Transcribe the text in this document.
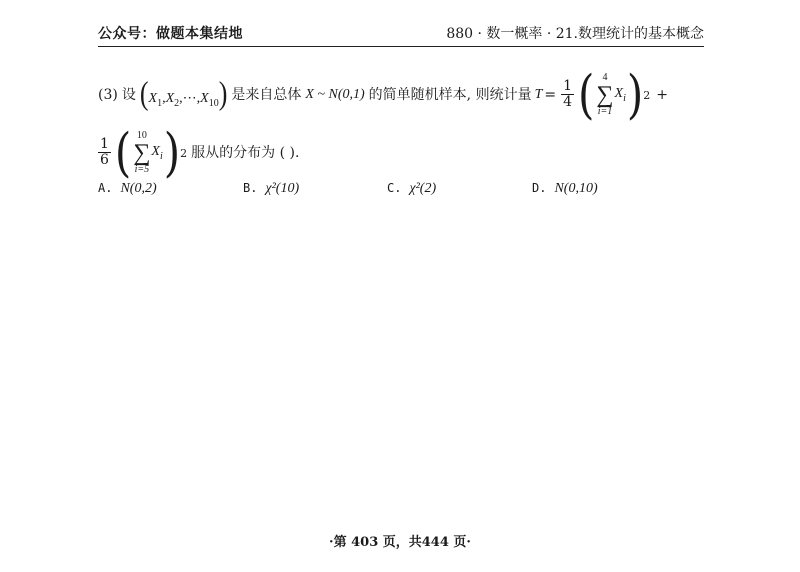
公众号：做题本集结地	880 · 数一概率 · 21.数理统计的基本概念
(3) 设 $(X_1,X_2,\cdots,X_{10})$ 是来自总体 X ~ N(0,1) 的简单随机样本, 则统计量 $T = \frac{1}{4}$ ( 4
∑
i=1
$X_i$ ) 2 +
$\frac{1}{6}$ ( 10
∑
i=5
$X_i$ ) 2 服从的分布为 ( ).
A. N(0,2)	B. χ²(10)	C. χ²(2)	D. N(0,10)
·第 403 页，共444 页·
